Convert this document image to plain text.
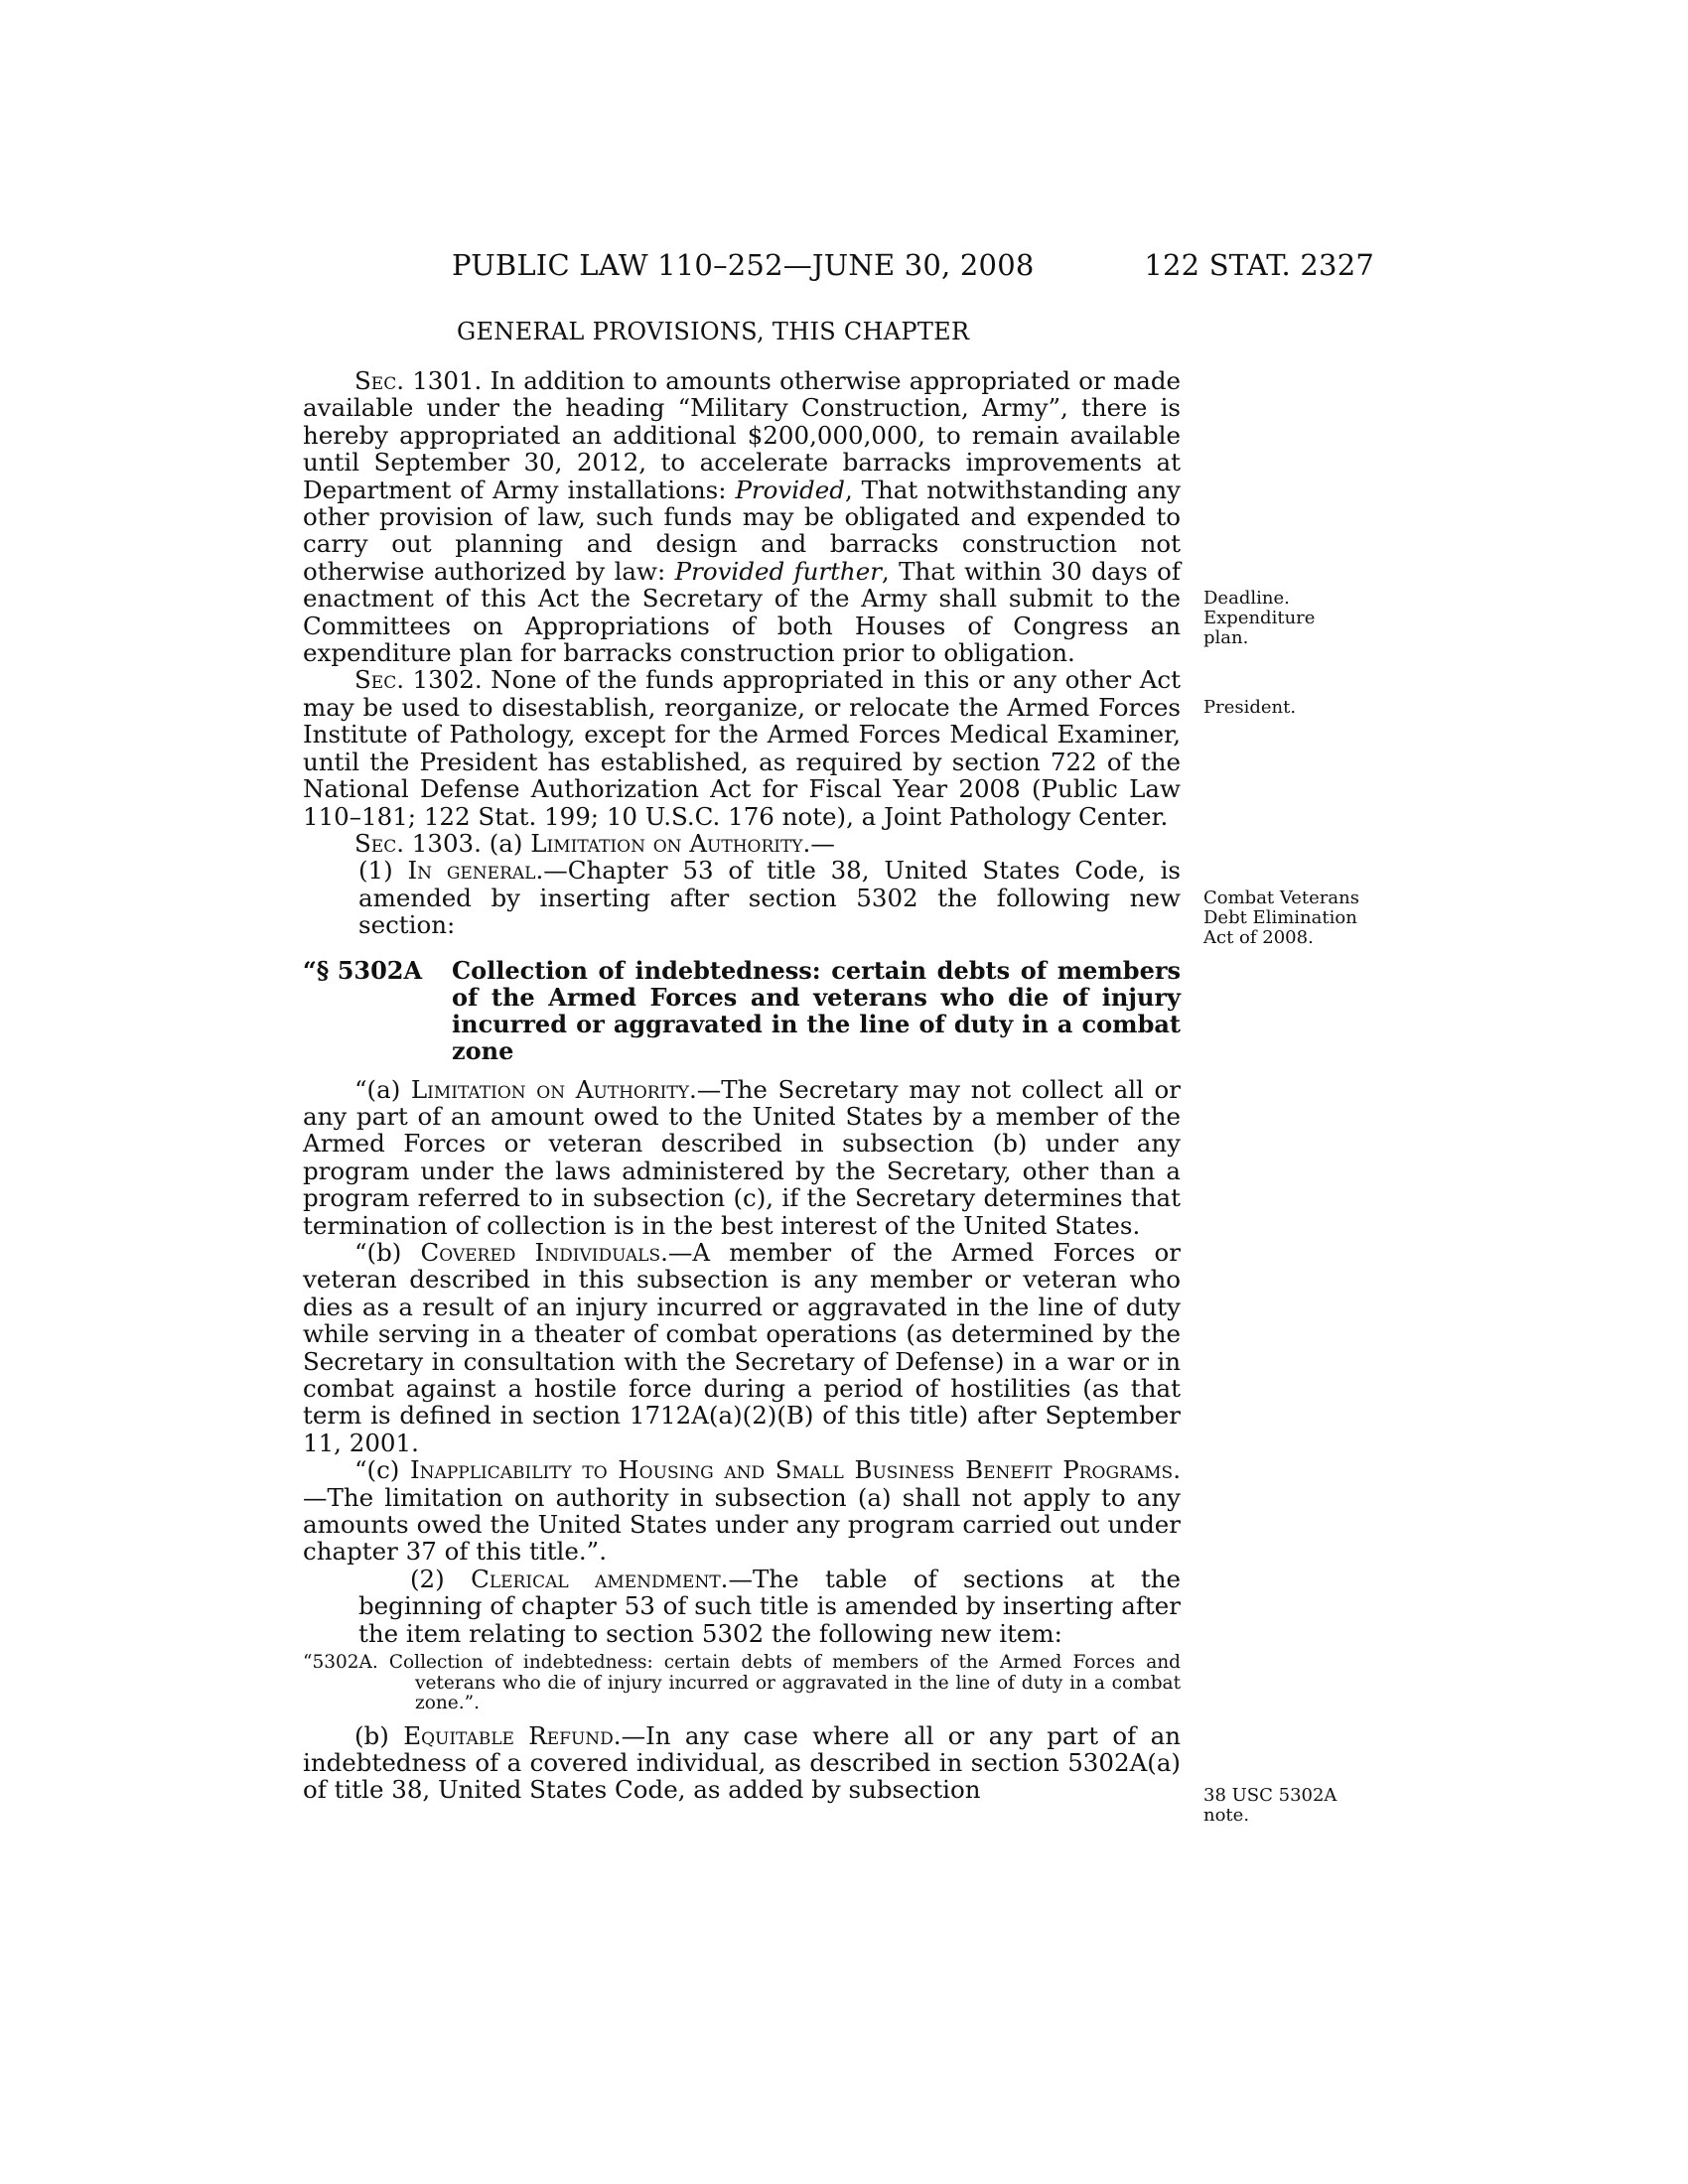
PUBLIC LAW 110–252—JUNE 30, 2008	122 STAT. 2327
GENERAL PROVISIONS, THIS CHAPTER

Sec. 1301. In addition to amounts otherwise appropriated or made available under the heading “Military Construction, Army”, there is hereby appropriated an additional $200,000,000, to remain available until September 30, 2012, to accelerate barracks improvements at Department of Army installations: Provided, That notwithstanding any other provision of law, such funds may be obligated and expended to carry out planning and design and barracks construction not otherwise authorized by law: Provided further, That within 30 days of enactment of this Act the Secretary of the Army shall submit to the Committees on Appropriations of both Houses of Congress an expenditure plan for barracks construction prior to obligation.

Sec. 1302. None of the funds appropriated in this or any other Act may be used to disestablish, reorganize, or relocate the Armed Forces Institute of Pathology, except for the Armed Forces Medical Examiner, until the President has established, as required by section 722 of the National Defense Authorization Act for Fiscal Year 2008 (Public Law 110–181; 122 Stat. 199; 10 U.S.C. 176 note), a Joint Pathology Center.

Sec. 1303. (a) Limitation on Authority.—

(1) In general.—Chapter 53 of title 38, United States Code, is amended by inserting after section 5302 the following new section:

“§ 5302A Collection of indebtedness: certain debts of members of the Armed Forces and veterans who die of injury incurred or aggravated in the line of duty in a combat zone

“(a) Limitation on Authority.—The Secretary may not collect all or any part of an amount owed to the United States by a member of the Armed Forces or veteran described in subsection (b) under any program under the laws administered by the Secretary, other than a program referred to in subsection (c), if the Secretary determines that termination of collection is in the best interest of the United States.

“(b) Covered Individuals.—A member of the Armed Forces or veteran described in this subsection is any member or veteran who dies as a result of an injury incurred or aggravated in the line of duty while serving in a theater of combat operations (as determined by the Secretary in consultation with the Secretary of Defense) in a war or in combat against a hostile force during a period of hostilities (as that term is defined in section 1712A(a)(2)(B) of this title) after September 11, 2001.

“(c) Inapplicability to Housing and Small Business Benefit Programs.—The limitation on authority in subsection (a) shall not apply to any amounts owed the United States under any program carried out under chapter 37 of this title.”.

(2) Clerical amendment.—The table of sections at the beginning of chapter 53 of such title is amended by inserting after the item relating to section 5302 the following new item:

“5302A. Collection of indebtedness: certain debts of members of the Armed Forces and veterans who die of injury incurred or aggravated in the line of duty in a combat zone.”.

(b) Equitable Refund.—In any case where all or any part of an indebtedness of a covered individual, as described in section 5302A(a) of title 38, United States Code, as added by subsection

Deadline.
Expenditure
plan.
President.
Combat Veterans
Debt Elimination
Act of 2008.
38 USC 5302A
note.
